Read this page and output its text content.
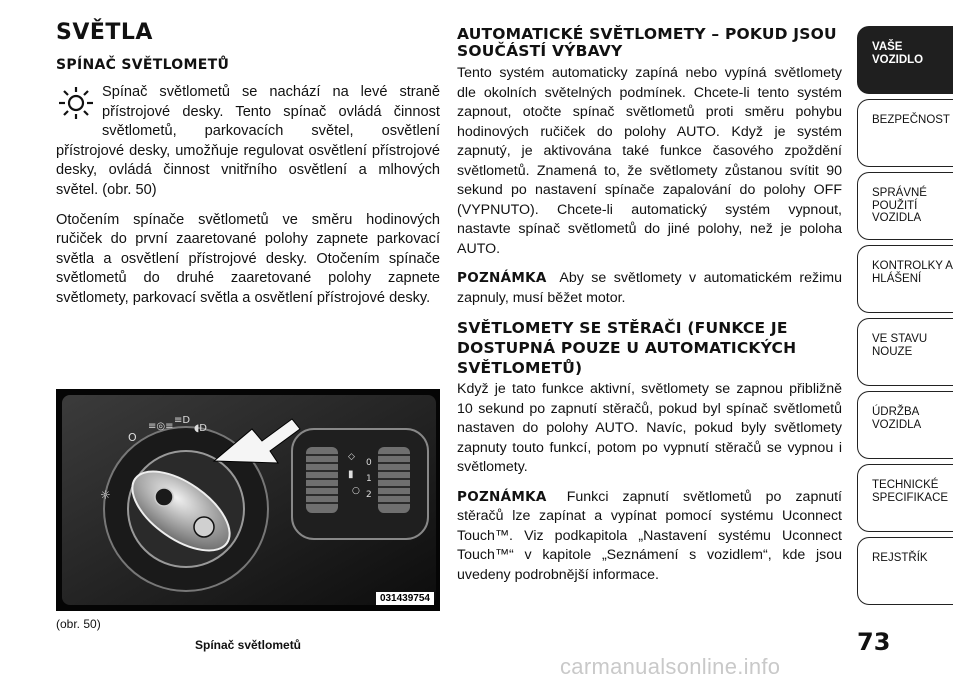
SVĚTLA
SPÍNAČ SVĚTLOMETŮ
Spínač světlometů se nachází na levé straně přístrojové desky. Tento spínač ovládá činnost světlometů, parkovacích světel, osvětlení přístrojové desky, umožňuje regulovat osvětlení přístrojové desky, ovládá činnost vnitřního osvětlení a mlhových světel. (obr. 50)

Otočením spínače světlometů ve směru hodinových ručiček do první zaaretované polohy zapnete parkovací světla a osvětlení přístrojové desky. Otočením spínače světlometů do druhé zaaretované polohy zapnete světlomety, parkovací světla a osvětlení přístrojové desky.

O
≡◎≡
≡D
◖D
☼
◇
▮
○
0
1
2
031439754
(obr. 50)
Spínač světlometů
AUTOMATICKÉ SVĚTLOMETY – POKUD JSOU SOUČÁSTÍ VÝBAVY

Tento systém automaticky zapíná nebo vypíná světlomety dle okolních světelných podmínek. Chcete-li tento systém zapnout, otočte spínač světlometů proti směru pohybu hodinových ručiček do polohy AUTO. Když je systém zapnutý, je aktivována také funkce časového zpoždění světlometů. Znamená to, že světlomety zůstanou svítit 90 sekund po nastavení spínače zapalování do polohy OFF (VYPNUTO). Chcete-li automatický systém vypnout, nastavte spínač světlometů do jiné polohy, než je poloha AUTO.

POZNÁMKA Aby se světlomety v automatickém režimu zapnuly, musí běžet motor.

SVĚTLOMETY SE STĚRAČI (FUNKCE JE DOSTUPNÁ POUZE U AUTOMATICKÝCH SVĚTLOMETŮ)

Když je tato funkce aktivní, světlomety se zapnou přibližně 10 sekund po zapnutí stěračů, pokud byl spínač světlometů nastaven do polohy AUTO. Navíc, pokud byly světlomety zapnuty touto funkcí, potom po vypnutí stěračů se vypnou i světlomety.

POZNÁMKA Funkci zapnutí světlometů po zapnutí stěračů lze zapínat a vypínat pomocí systému Uconnect Touch™. Viz podkapitola „Nastavení systému Uconnect Touch™“ v kapitole „Seznámení s vozidlem“, kde jsou uvedeny podrobnější informace.

VAŠE VOZIDLO
BEZPEČNOST
SPRÁVNÉ POUŽITÍ VOZIDLA
KONTROLKY A HLÁŠENÍ
VE STAVU NOUZE
ÚDRŽBA VOZIDLA
TECHNICKÉ SPECIFIKACE
REJSTŘÍK
73
carmanualsonline.info
